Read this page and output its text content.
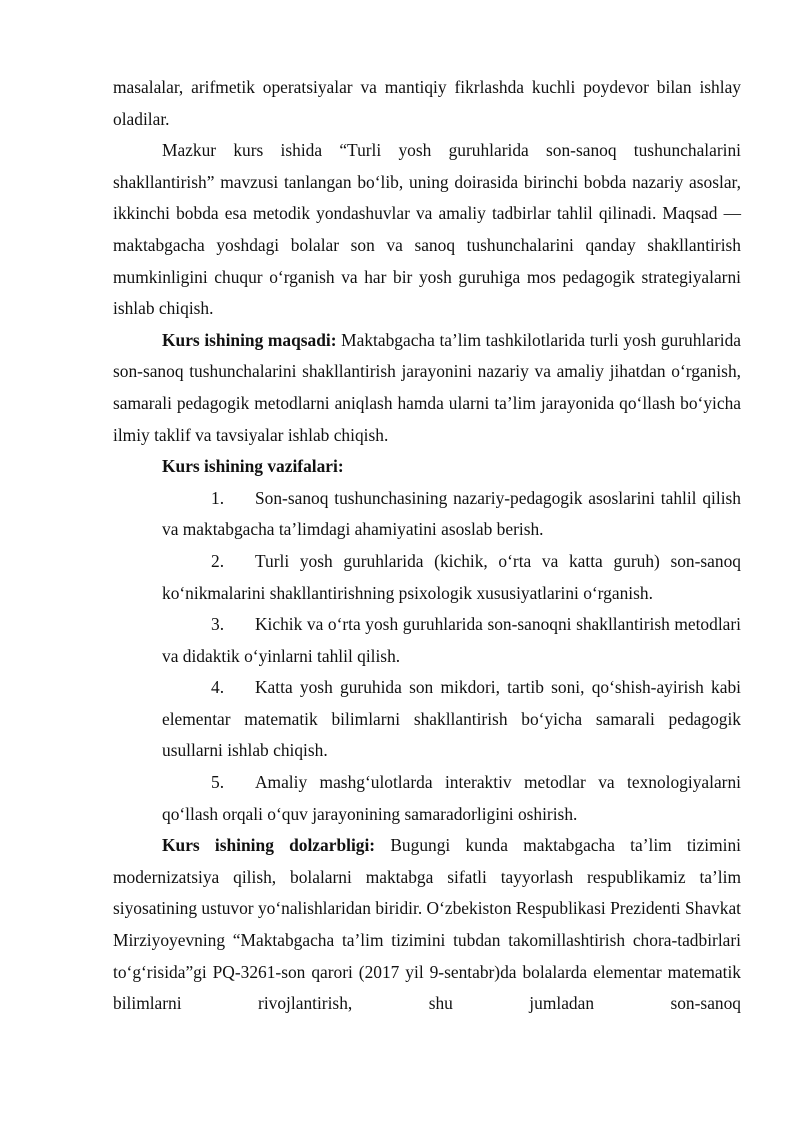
masalalar, arifmetik operatsiyalar va mantiqiy fikrlashda kuchli poydevor bilan ishlay oladilar.

Mazkur kurs ishida “Turli yosh guruhlarida son-sanoq tushunchalarini shakllantirish” mavzusi tanlangan bo‘lib, uning doirasida birinchi bobda nazariy asoslar, ikkinchi bobda esa metodik yondashuvlar va amaliy tadbirlar tahlil qilinadi. Maqsad — maktabgacha yoshdagi bolalar son va sanoq tushunchalarini qanday shakllantirish mumkinligini chuqur o‘rganish va har bir yosh guruhiga mos pedagogik strategiyalarni ishlab chiqish.

Kurs ishining maqsadi: Maktabgacha ta’lim tashkilotlarida turli yosh guruhlarida son-sanoq tushunchalarini shakllantirish jarayonini nazariy va amaliy jihatdan o‘rganish, samarali pedagogik metodlarni aniqlash hamda ularni ta’lim jarayonida qo‘llash bo‘yicha ilmiy taklif va tavsiyalar ishlab chiqish.

Kurs ishining vazifalari:

1. Son-sanoq tushunchasining nazariy-pedagogik asoslarini tahlil qilish va maktabgacha ta’limdagi ahamiyatini asoslab berish.

2. Turli yosh guruhlarida (kichik, o‘rta va katta guruh) son-sanoq ko‘nikmalarini shakllantirishning psixologik xususiyatlarini o‘rganish.

3. Kichik va o‘rta yosh guruhlarida son-sanoqni shakllantirish metodlari va didaktik o‘yinlarni tahlil qilish.

4. Katta yosh guruhida son mikdori, tartib soni, qo‘shish-ayirish kabi elementar matematik bilimlarni shakllantirish bo‘yicha samarali pedagogik usullarni ishlab chiqish.

5. Amaliy mashg‘ulotlarda interaktiv metodlar va texnologiyalarni qo‘llash orqali o‘quv jarayonining samaradorligini oshirish.

Kurs ishining dolzarbligi: Bugungi kunda maktabgacha ta’lim tizimini modernizatsiya qilish, bolalarni maktabga sifatli tayyorlash respublikamiz ta’lim siyosatining ustuvor yo‘nalishlaridan biridir. O‘zbekiston Respublikasi Prezidenti Shavkat Mirziyoyevning “Maktabgacha ta’lim tizimini tubdan takomillashtirish chora-tadbirlari to‘g‘risida”gi PQ-3261-son qarori (2017 yil 9-sentabr)da bolalarda elementar matematik bilimlarni rivojlantirish, shu jumladan son-sanoq
